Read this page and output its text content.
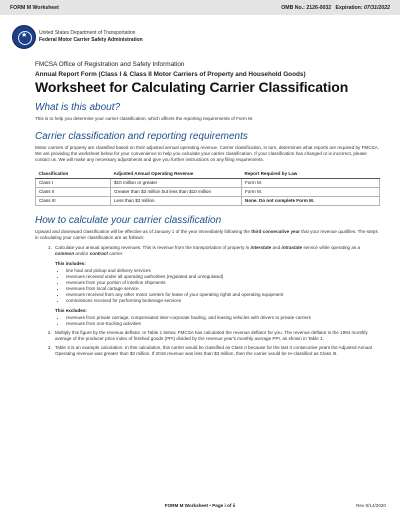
FORM M Worksheet	OMB No.: 2126-0032 Expiration: 07/31/2022
★ United States Department of Transportation
Federal Motor Carrier Safety Administration

FMCSA Office of Registration and Safety Information

Annual Report Form (Class I & Class II Motor Carriers of Property and Household Goods)

Worksheet for Calculating Carrier Classification
What is this about?

This is to help you determine your carrier classification, which affects the reporting requirements of Form M.

Carrier classification and reporting requirements

Motor carriers of property are classified based on their adjusted annual operating revenue. Carrier classification, in turn, determines what reports are required by FMCSA. We are providing the worksheet below for your convenience to help you calculate your carrier classification. If your classification has changed or is incorrect, please contact us. We will make any necessary adjustments and give you further instructions on any filing requirements.

Classification	Adjusted Annual Operating Revenue	Report Required by Law
Class I	$10 million or greater	Form M.
Class II	Greater than $3 million but less than $10 million	Form M.
Class III	Less than $3 million	None. Do not complete Form M.
How to calculate your carrier classification

Upward and downward classification will be effective as of January 1 of the year immediately following the third consecutive year that your revenue qualifies. The steps in calculating your carrier classification are as follows:

1. Calculate your annual operating revenues. This is revenue from the transportation of property in interstate and intrastate service while operating as a common and/or contract carrier.
This includes:
• line haul and pickup and delivery services
• revenues received under all operating authorities (regulated and unregulated)
• revenues from your portion of interline shipments
• revenues from local cartage service
• revenues received from any other motor carriers for lease of your operating rights and operating equipment
• commissions received for performing brokerage services
This excludes:
• revenues from private carriage, compensated inter-corporate hauling, and leasing vehicles with drivers to private carriers
• revenues from non-trucking activities
2. Multiply this figure by the revenue deflator. In Table 1 below, FMCSA has calculated the revenue deflator for you. The revenue deflator is the 1994 monthly average of the producer price index of finished goods (PPI) divided by the revenue year's monthly average PPI, as shown in Table 1.
3. Table 3 is an example calculation. In this calculation, this carrier would be classified as Class II because for the last 3 consecutive years the Adjusted Annual Operating revenue was greater than $3 million. If 2018 revenue was less than $3 million, then the carrier would be re-classified as Class III.
FORM M Worksheet • Page i of ii	Rev 8/14/2020
